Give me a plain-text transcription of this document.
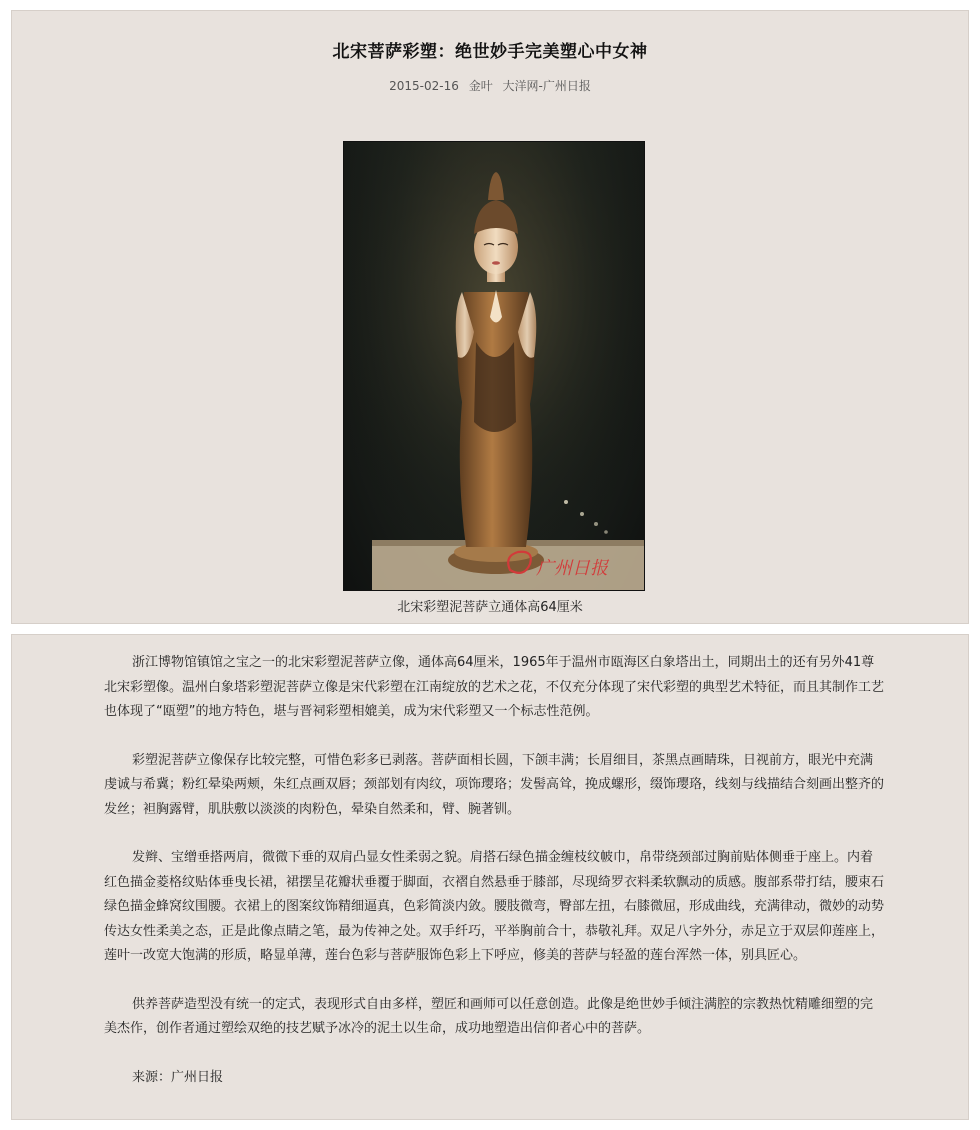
北宋菩萨彩塑：绝世妙手完美塑心中女神
2015-02-16 金叶 大洋网-广州日报
广州日报
北宋彩塑泥菩萨立通体高64厘米

浙江博物馆镇馆之宝之一的北宋彩塑泥菩萨立像，通体高64厘米，1965年于温州市瓯海区白象塔出土，同期出土的还有另外41尊北宋彩塑像。温州白象塔彩塑泥菩萨立像是宋代彩塑在江南绽放的艺术之花，不仅充分体现了宋代彩塑的典型艺术特征，而且其制作工艺也体现了“瓯塑”的地方特色，堪与晋祠彩塑相媲美，成为宋代彩塑又一个标志性范例。

彩塑泥菩萨立像保存比较完整，可惜色彩多已剥落。菩萨面相长圆，下颌丰满；长眉细目，茶黑点画睛珠，日视前方，眼光中充满虔诚与希冀；粉红晕染两颊，朱红点画双唇；颈部划有肉纹，项饰璎珞；发髻高耸，挽成螺形，缀饰璎珞，线刻与线描结合刻画出整齐的发丝；袒胸露臂，肌肤敷以淡淡的肉粉色，晕染自然柔和，臂、腕著钏。

发辫、宝缯垂搭两肩，微微下垂的双肩凸显女性柔弱之貌。肩搭石绿色描金缠枝纹帔巾，帛带绕颈部过胸前贴体侧垂于座上。内着红色描金菱格纹贴体垂曳长裙，裙摆呈花瓣状垂覆于脚面，衣褶自然悬垂于膝部，尽现绮罗衣料柔软飘动的质感。腹部系带打结，腰束石绿色描金蜂窝纹围腰。衣裙上的图案纹饰精细逼真，色彩简淡内敛。腰肢微弯，臀部左扭，右膝微屈，形成曲线，充满律动，微妙的动势传达女性柔美之态，正是此像点睛之笔，最为传神之处。双手纤巧，平举胸前合十，恭敬礼拜。双足八字外分，赤足立于双层仰莲座上，莲叶一改宽大饱满的形质，略显单薄，莲台色彩与菩萨服饰色彩上下呼应，修美的菩萨与轻盈的莲台浑然一体，别具匠心。

供养菩萨造型没有统一的定式，表现形式自由多样，塑匠和画师可以任意创造。此像是绝世妙手倾注满腔的宗教热忱精雕细塑的完美杰作，创作者通过塑绘双绝的技艺赋予冰冷的泥土以生命，成功地塑造出信仰者心中的菩萨。

来源：广州日报
